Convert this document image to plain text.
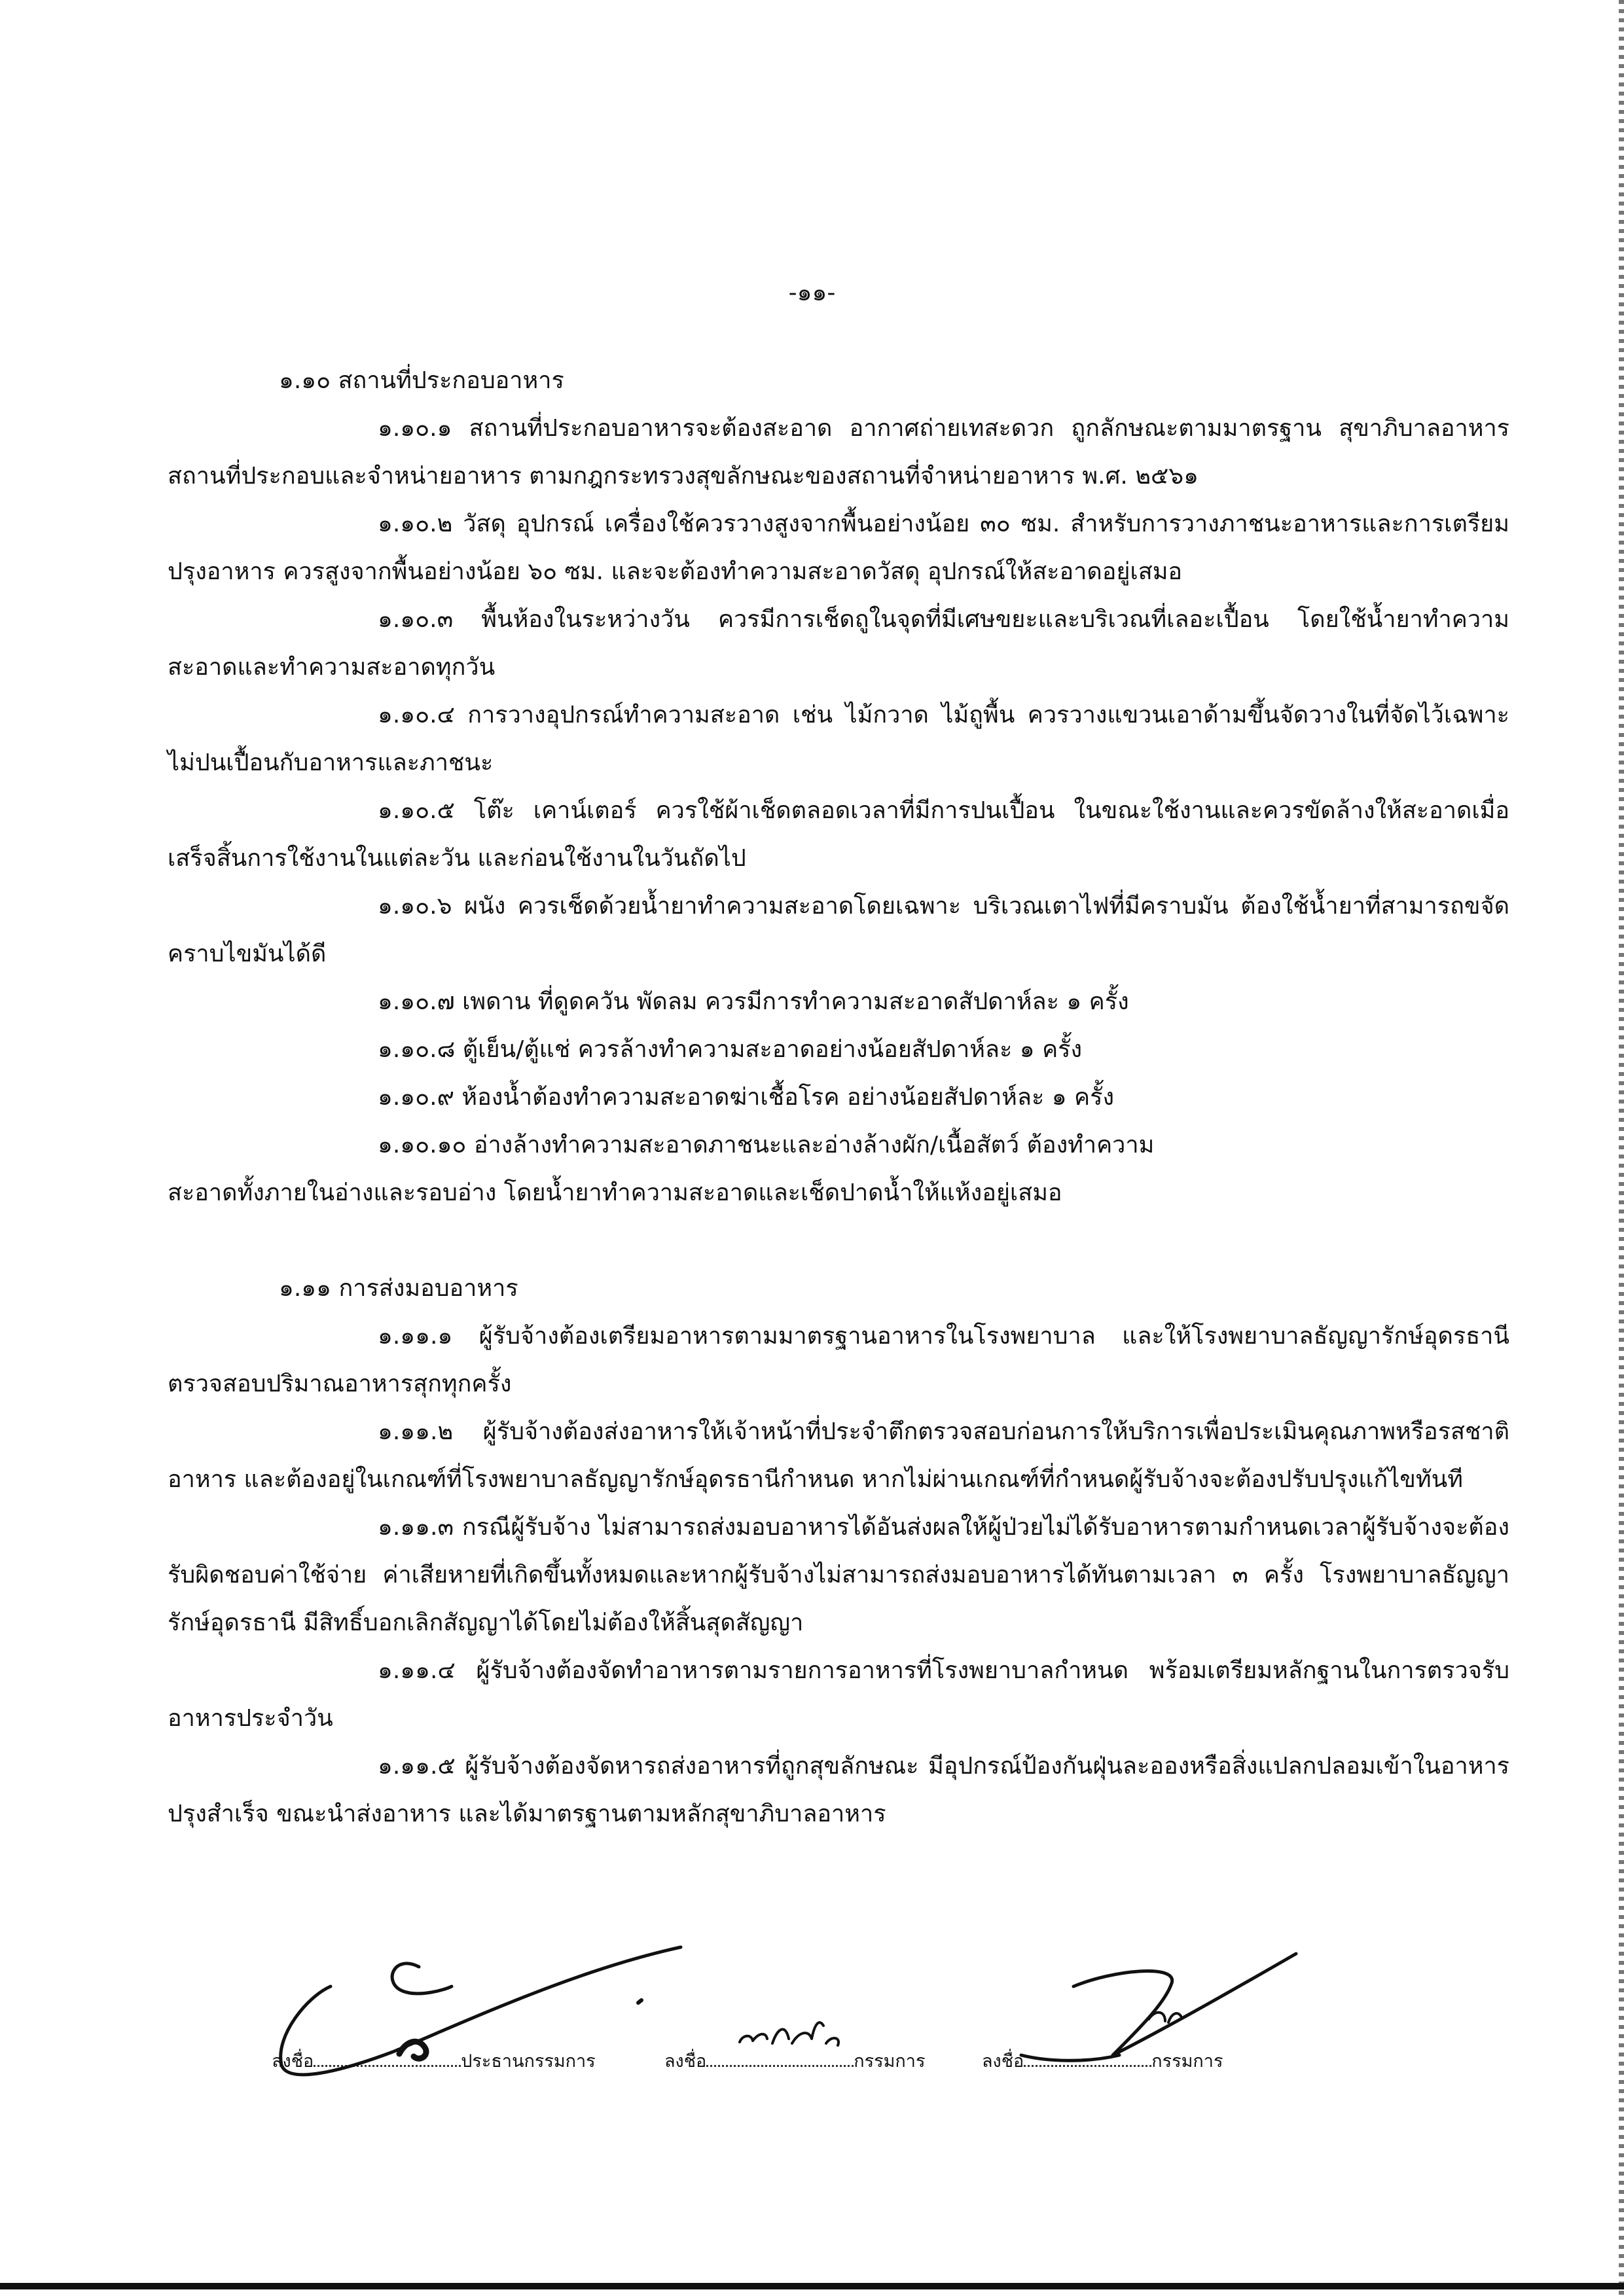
-๑๑-

๑.๑๐ สถานที่ประกอบอาหาร

๑.๑๐.๑ สถานที่ประกอบอาหารจะต้องสะอาด อากาศถ่ายเทสะดวก ถูกลักษณะตามมาตรฐาน สุขาภิบาลอาหาร สถานที่ประกอบและจำหน่ายอาหาร ตามกฎกระทรวงสุขลักษณะของสถานที่จำหน่ายอาหาร พ.ศ. ๒๕๖๑

๑.๑๐.๒ วัสดุ อุปกรณ์ เครื่องใช้ควรวางสูงจากพื้นอย่างน้อย ๓๐ ซม. สำหรับการวางภาชนะอาหารและการเตรียมปรุงอาหาร ควรสูงจากพื้นอย่างน้อย ๖๐ ซม. และจะต้องทำความสะอาดวัสดุ อุปกรณ์ให้สะอาดอยู่เสมอ

๑.๑๐.๓ พื้นห้องในระหว่างวัน ควรมีการเช็ดถูในจุดที่มีเศษขยะและบริเวณที่เลอะเปื้อน โดยใช้น้ำยาทำความสะอาดและทำความสะอาดทุกวัน

๑.๑๐.๔ การวางอุปกรณ์ทำความสะอาด เช่น ไม้กวาด ไม้ถูพื้น ควรวางแขวนเอาด้ามขึ้นจัดวางในที่จัดไว้เฉพาะ ไม่ปนเปื้อนกับอาหารและภาชนะ

๑.๑๐.๕ โต๊ะ เคาน์เตอร์ ควรใช้ผ้าเช็ดตลอดเวลาที่มีการปนเปื้อน ในขณะใช้งานและควรขัดล้างให้สะอาดเมื่อเสร็จสิ้นการใช้งานในแต่ละวัน และก่อนใช้งานในวันถัดไป

๑.๑๐.๖ ผนัง ควรเช็ดด้วยน้ำยาทำความสะอาดโดยเฉพาะ บริเวณเตาไฟที่มีคราบมัน ต้องใช้น้ำยาที่สามารถขจัดคราบไขมันได้ดี

๑.๑๐.๗ เพดาน ที่ดูดควัน พัดลม ควรมีการทำความสะอาดสัปดาห์ละ ๑ ครั้ง

๑.๑๐.๘ ตู้เย็น/ตู้แช่ ควรล้างทำความสะอาดอย่างน้อยสัปดาห์ละ ๑ ครั้ง

๑.๑๐.๙ ห้องน้ำต้องทำความสะอาดฆ่าเชื้อโรค อย่างน้อยสัปดาห์ละ ๑ ครั้ง

๑.๑๐.๑๐ อ่างล้างทำความสะอาดภาชนะและอ่างล้างผัก/เนื้อสัตว์ ต้องทำความ

สะอาดทั้งภายในอ่างและรอบอ่าง โดยน้ำยาทำความสะอาดและเช็ดปาดน้ำให้แห้งอยู่เสมอ

๑.๑๑ การส่งมอบอาหาร

๑.๑๑.๑ ผู้รับจ้างต้องเตรียมอาหารตามมาตรฐานอาหารในโรงพยาบาล และให้โรงพยาบาลธัญญารักษ์อุดรธานี ตรวจสอบปริมาณอาหารสุกทุกครั้ง

๑.๑๑.๒ ผู้รับจ้างต้องส่งอาหารให้เจ้าหน้าที่ประจำตึกตรวจสอบก่อนการให้บริการเพื่อประเมินคุณภาพหรือรสชาติอาหาร และต้องอยู่ในเกณฑ์ที่โรงพยาบาลธัญญารักษ์อุดรธานีกำหนด หากไม่ผ่านเกณฑ์ที่กำหนดผู้รับจ้างจะต้องปรับปรุงแก้ไขทันที

๑.๑๑.๓ กรณีผู้รับจ้าง ไม่สามารถส่งมอบอาหารได้อันส่งผลให้ผู้ป่วยไม่ได้รับอาหารตามกำหนดเวลาผู้รับจ้างจะต้องรับผิดชอบค่าใช้จ่าย ค่าเสียหายที่เกิดขึ้นทั้งหมดและหากผู้รับจ้างไม่สามารถส่งมอบอาหารได้ทันตามเวลา ๓ ครั้ง โรงพยาบาลธัญญารักษ์อุดรธานี มีสิทธิ์บอกเลิกสัญญาได้โดยไม่ต้องให้สิ้นสุดสัญญา

๑.๑๑.๔ ผู้รับจ้างต้องจัดทำอาหารตามรายการอาหารที่โรงพยาบาลกำหนด พร้อมเตรียมหลักฐานในการตรวจรับอาหารประจำวัน

๑.๑๑.๕ ผู้รับจ้างต้องจัดหารถส่งอาหารที่ถูกสุขลักษณะ มีอุปกรณ์ป้องกันฝุ่นละอองหรือสิ่งแปลกปลอมเข้าในอาหารปรุงสำเร็จ ขณะนำส่งอาหาร และได้มาตรฐานตามหลักสุขาภิบาลอาหาร

ลงชื่อ	ประธานกรรมการ	ลงชื่อ	กรรมการ	ลงชื่อ	กรรมการ
